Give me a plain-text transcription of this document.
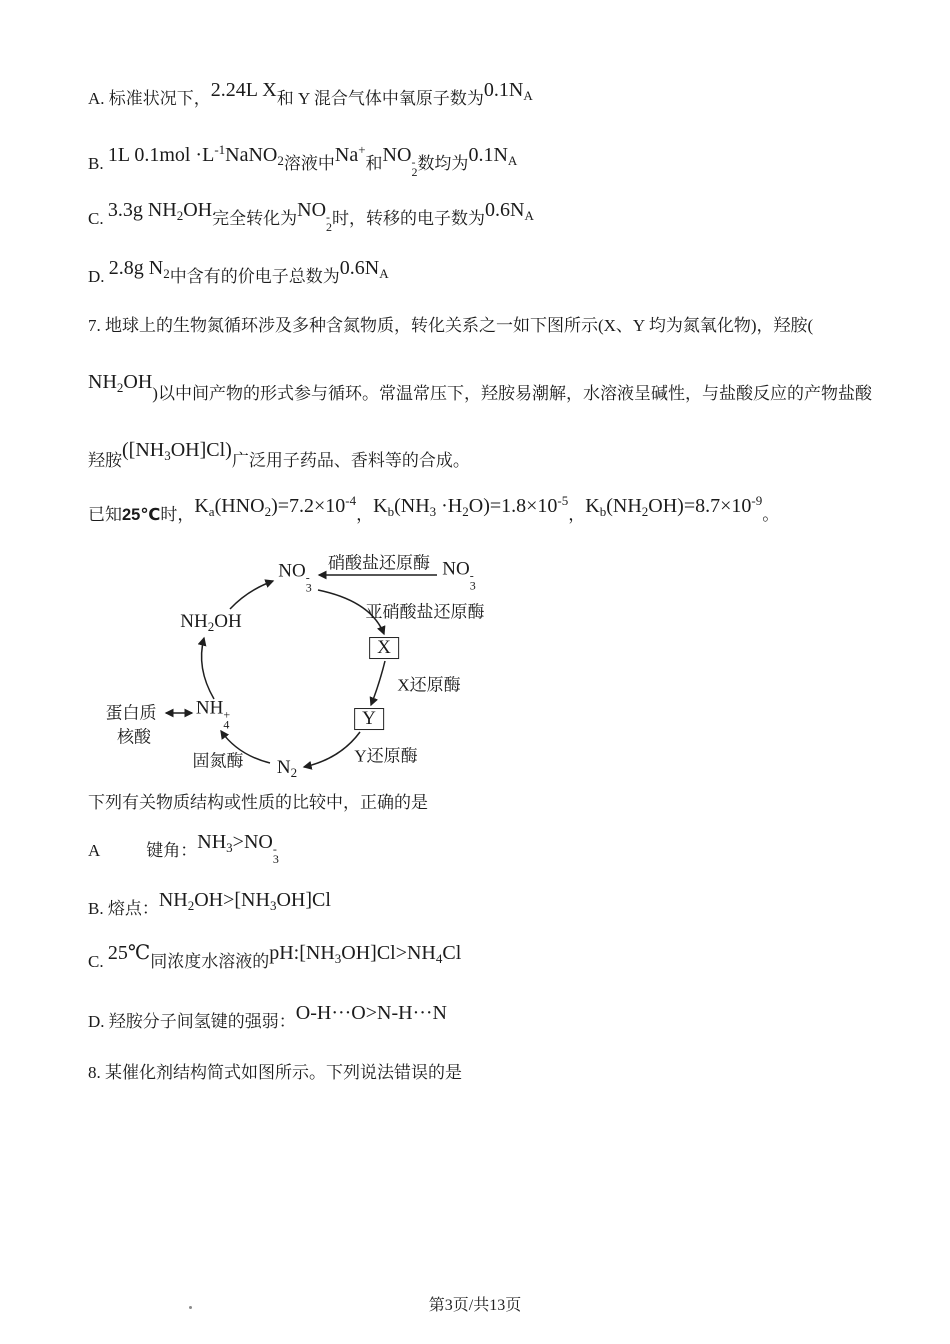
A. 标准状况下，2.24L X和 Y 混合气体中氧原子数为$0.1N_A$
B. 1L $0.1mol \cdot L^{-1}NaNO_2$溶液中Na+和NO -
2 数均为$0.1N_A$
C. 3.3g $NH_2OH$完全转化为NO -
2 时，转移的电子数为$0.6N_A$
D. 2.8g $N_2$中含有的价电子总数为$0.6N_A$
7. 地球上的生物氮循环涉及多种含氮物质，转化关系之一如下图所示(X、Y 均为氮氧化物)，羟胺(
$NH_2OH$)以中间产物的形式参与循环。常温常压下，羟胺易潮解，水溶液呈碱性，与盐酸反应的产物盐酸
羟胺$([NH_3OH]Cl)$广泛用子药品、香料等的合成。
已知25℃时，$K_a(HNO_2)=7.2\times 10^{-4}$，$K_b(NH_3 \cdot H_2O)=1.8\times 10^{-5}$，$K_b(NH_2OH)=8.7\times 10^{-9}$。
下列有关物质结构或性质的比较中，正确的是
A	键角：$NH_3>NO$ -
3
B. 熔点：$NH_2OH>[NH_3OH]Cl$
C. 25℃同浓度水溶液的$pH:[NH_3OH]Cl>NH_4Cl$
D. 羟胺分子间氢键的强弱：O-H···O>N-H···N
8. 某催化剂结构简式如图所示。下列说法错误的是
NO -
3
NO -
3
$NH_2OH$
NH +
4
$N_2$
X
Y
蛋白质
核酸
硝酸盐还原酶
亚硝酸盐还原酶
X还原酶
Y还原酶
固氮酶
第3页/共13页
